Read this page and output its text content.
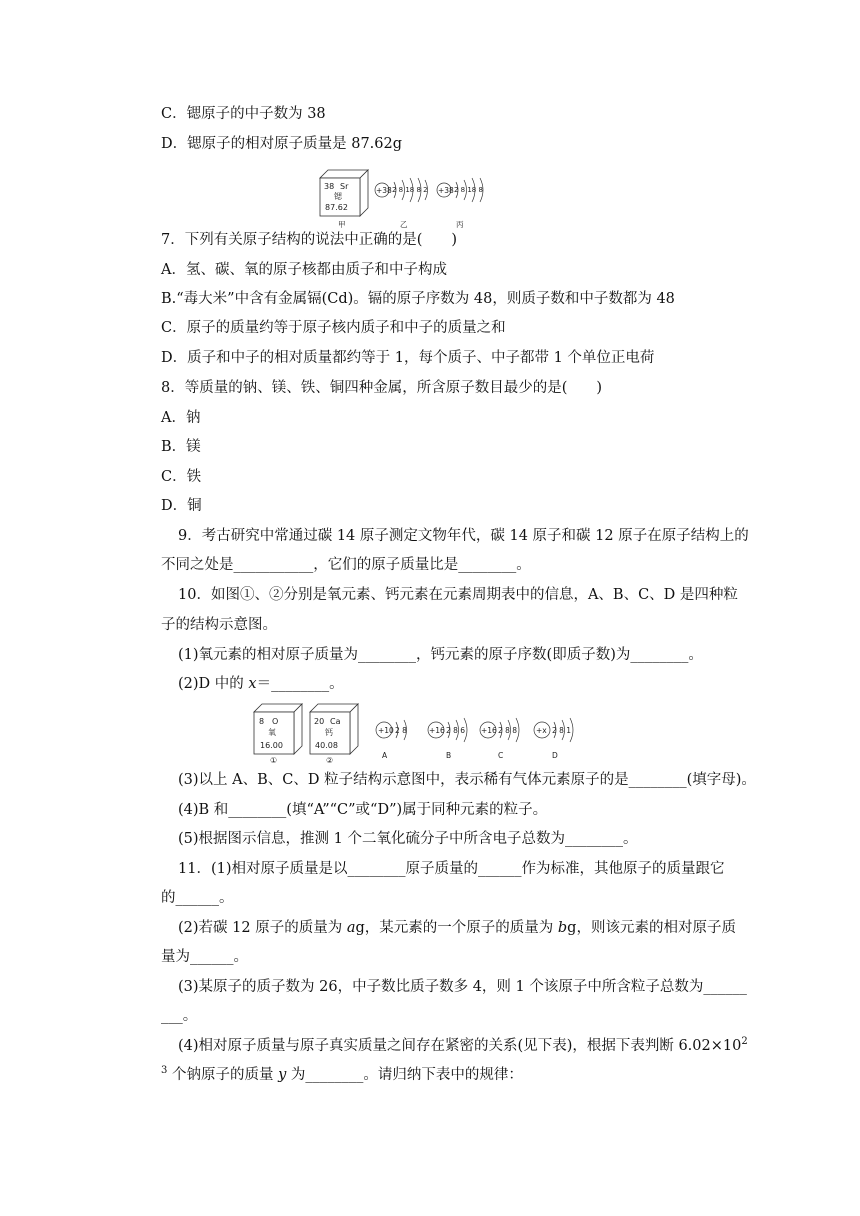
C．锶原子的中子数为 38
D．锶原子的相对原子质量是 87.62g
38 Sr
锶
87.62
甲
+38 2 8 18 8 2
乙
+38 2 8 18 8
丙
7．下列有关原子结构的说法中正确的是(　　)
A．氢、碳、氧的原子核都由质子和中子构成
B.“毒大米”中含有金属镉(Cd)。镉的原子序数为 48，则质子数和中子数都为 48
C．原子的质量约等于原子核内质子和中子的质量之和
D．质子和中子的相对质量都约等于 1，每个质子、中子都带 1 个单位正电荷
8．等质量的钠、镁、铁、铜四种金属，所含原子数目最少的是(　　)
A．钠
B．镁
C．铁
D．铜
9．考古研究中常通过碳 14 原子测定文物年代，碳 14 原子和碳 12 原子在原子结构上的
不同之处是___________，它们的原子质量比是________。
10．如图①、②分别是氧元素、钙元素在元素周期表中的信息，A、B、C、D 是四种粒
子的结构示意图。
(1)氧元素的相对原子质量为________，钙元素的原子序数(即质子数)为________。
(2)D 中的 x＝________。
8 O
氧
16.00
①
20 Ca
钙
40.08
②
+10 2 8
A
+16 2 8 6
B
+16 2 8 8
C
+x 2 8 1
D
(3)以上 A、B、C、D 粒子结构示意图中，表示稀有气体元素原子的是________(填字母)。
(4)B 和________(填“A”“C”或“D”)属于同种元素的粒子。
(5)根据图示信息，推测 1 个二氧化硫分子中所含电子总数为________。
11．(1)相对原子质量是以________原子质量的______作为标准，其他原子的质量跟它
的______。
(2)若碳 12 原子的质量为 ag，某元素的一个原子的质量为 bg，则该元素的相对原子质
量为______。
(3)某原子的质子数为 26，中子数比质子数多 4，则 1 个该原子中所含粒子总数为______
___。
(4)相对原子质量与原子真实质量之间存在紧密的关系(见下表)，根据下表判断 $6.02\times 10^2$
$^3$ 个钠原子的质量 y 为________。请归纳下表中的规律：
